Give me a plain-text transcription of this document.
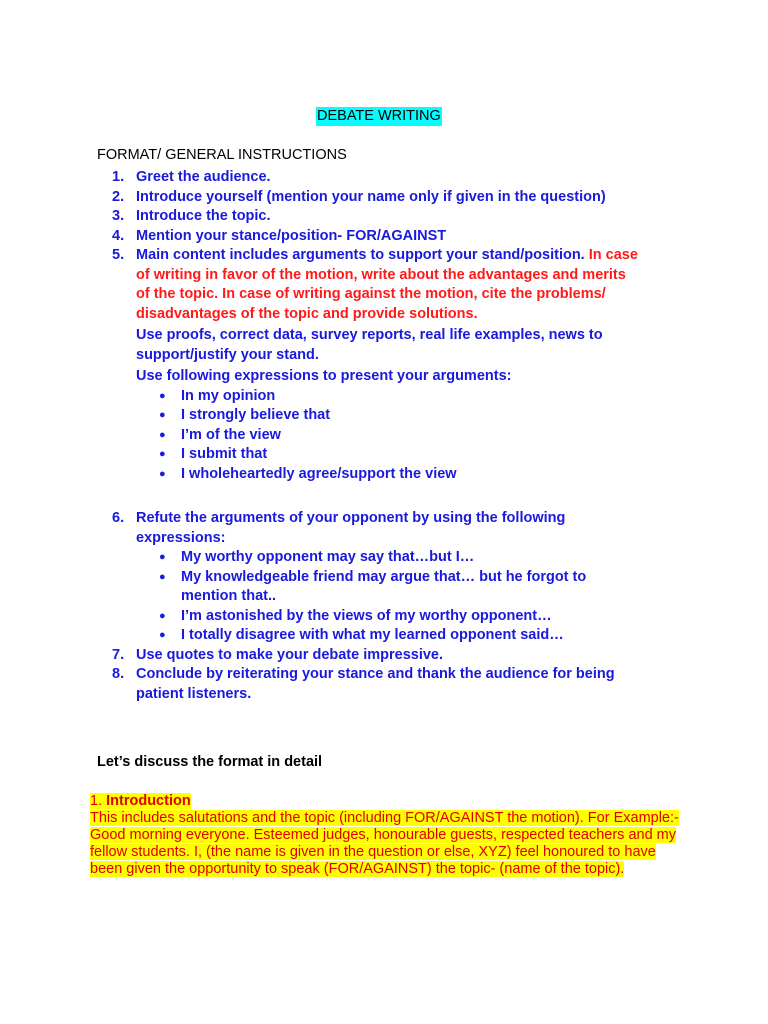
DEBATE WRITING
FORMAT/ GENERAL INSTRUCTIONS
1. Greet the audience.
2. Introduce yourself (mention your name only if given in the question)
3. Introduce the topic.
4. Mention your stance/position- FOR/AGAINST
5. Main content includes arguments to support your stand/position. In case of writing in favor of the motion, write about the advantages and merits of the topic. In case of writing against the motion, cite the problems/ disadvantages of the topic and provide solutions.
Use proofs, correct data, survey reports, real life examples, news to support/justify your stand.
Use following expressions to present your arguments:
● In my opinion
● I strongly believe that
● I’m of the view
● I submit that
● I wholeheartedly agree/support the view
6. Refute the arguments of your opponent by using the following expressions:
● My worthy opponent may say that…but I…
● My knowledgeable friend may argue that… but he forgot to mention that..
● I’m astonished by the views of my worthy opponent…
● I totally disagree with what my learned opponent said…
7. Use quotes to make your debate impressive.
8. Conclude by reiterating your stance and thank the audience for being patient listeners.
Let’s discuss the format in detail
1. Introduction
This includes salutations and the topic (including FOR/AGAINST the motion). For Example:- Good morning everyone. Esteemed judges, honourable guests, respected teachers and my fellow students. I, (the name is given in the question or else, XYZ) feel honoured to have been given the opportunity to speak (FOR/AGAINST) the topic- (name of the topic).
